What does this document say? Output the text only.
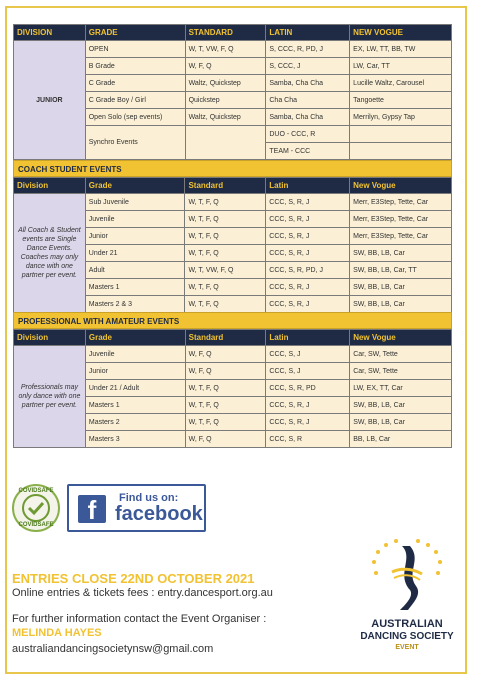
DIVISION	GRADE	STANDARD	LATIN	NEW VOGUE
JUNIOR	OPEN	W, T, VW, F, Q	S, CCC, R, PD, J	EX, LW, TT, BB, TW
	B Grade	W, F, Q	S, CCC, J	LW, Car, TT
	C Grade	Waltz, Quickstep	Samba, Cha Cha	Lucille Waltz, Carousel
	C Grade Boy / Girl	Quickstep	Cha Cha	Tangoette
	Open Solo (sep events)	Waltz, Quickstep	Samba, Cha Cha	Merrilyn, Gypsy Tap
	Synchro Events		DUO - CCC, R	
			TEAM - CCC	
COACH STUDENT EVENTS
Division	Grade	Standard	Latin	New Vogue
All Coach & Student events are Single Dance Events. Coaches may only dance with one partner per event.	Sub Juvenile	W, T, F, Q	CCC, S, R, J	Merr, E3Step, Tette, Car
	Juvenile	W, T, F, Q	CCC, S, R, J	Merr, E3Step, Tette, Car
	Junior	W, T, F, Q	CCC, S, R, J	Merr, E3Step, Tette, Car
	Under 21	W, T, F, Q	CCC, S, R, J	SW, BB, LB, Car
	Adult	W, T, VW, F, Q	CCC, S, R, PD, J	SW, BB, LB, Car, TT
	Masters 1	W, T, F, Q	CCC, S, R, J	SW, BB, LB, Car
	Masters 2 & 3	W, T, F, Q	CCC, S, R, J	SW, BB, LB, Car
PROFESSIONAL WITH AMATEUR EVENTS
Division	Grade	Standard	Latin	New Vogue
Professionals may only dance with one partner per event.	Juvenile	W, F, Q	CCC, S, J	Car, SW, Tette
	Junior	W, F, Q	CCC, S, J	Car, SW, Tette
	Under 21 / Adult	W, T, F, Q	CCC, S, R, PD	LW, EX, TT, Car
	Masters 1	W, T, F, Q	CCC, S, R, J	SW, BB, LB, Car
	Masters 2	W, T, F, Q	CCC, S, R, J	SW, BB, LB, Car
	Masters 3	W, F, Q	CCC, S, R	BB, LB, Car
COVIDSAFE
COVIDSAFE	f	Find us on:
facebook
ENTRIES CLOSE 22ND OCTOBER 2021
Online entries & tickets fees : entry.dancesport.org.au
For further information contact the Event Organiser :
MELINDA HAYES
australiandancingsocietynsw@gmail.com
AUSTRALIAN
DANCING SOCIETY
EVENT
